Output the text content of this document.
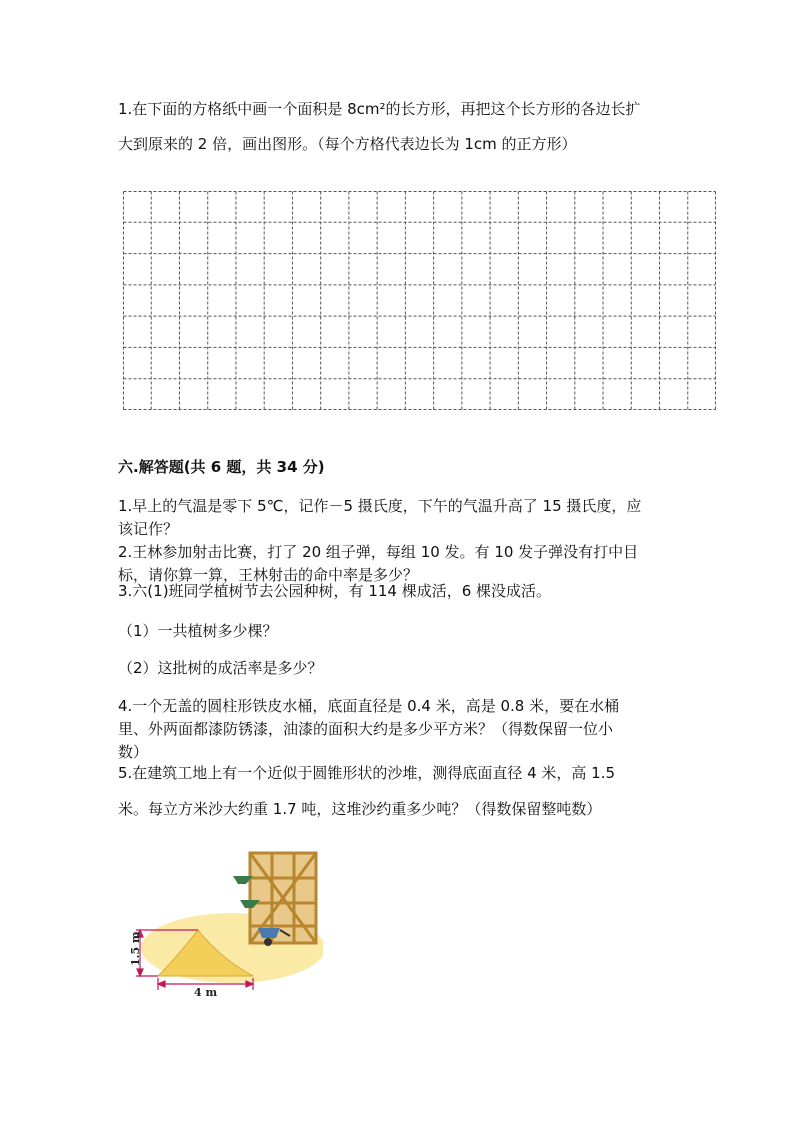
1.在下面的方格纸中画一个面积是 8cm²的长方形，再把这个长方形的各边长扩
大到原来的 2 倍，画出图形。（每个方格代表边长为 1cm 的正方形）
六.解答题(共 6 题，共 34 分)
1.早上的气温是零下 5℃，记作－5 摄氏度，下午的气温升高了 15 摄氏度，应
该记作？
2.王林参加射击比赛，打了 20 组子弹，每组 10 发。有 10 发子弹没有打中目
标，请你算一算，王林射击的命中率是多少？
3.六(1)班同学植树节去公园种树，有 114 棵成活，6 棵没成活。
（1）一共植树多少棵？
（2）这批树的成活率是多少？
4.一个无盖的圆柱形铁皮水桶，底面直径是 0.4 米，高是 0.8 米，要在水桶
里、外两面都漆防锈漆，油漆的面积大约是多少平方米？（得数保留一位小
数）
5.在建筑工地上有一个近似于圆锥形状的沙堆，测得底面直径 4 米，高 1.5
米。每立方米沙大约重 1.7 吨，这堆沙约重多少吨？（得数保留整吨数）
1.5 m
4 m
